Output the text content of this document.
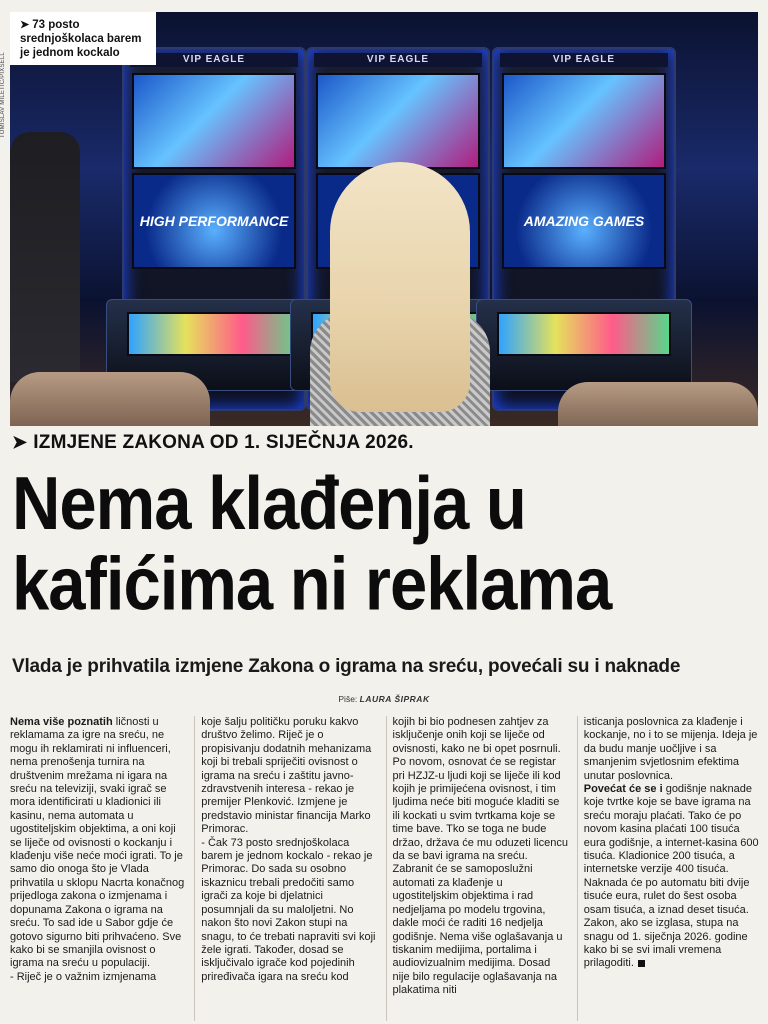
TOMISLAV MILETIĆ/PIXSELL	VIP EAGLE
HIGH PERFORMANCE
VIP EAGLE	VIP EAGLE
AMAZING GAMES
➤ 73 posto srednjoškolaca barem je jednom kockalo
➤ IZMJENE ZAKONA OD 1. SIJEČNJA 2026.
Nema klađenja u kafićima ni reklama
Vlada je prihvatila izmjene Zakona o igrama na sreću, povećali su i naknade
Piše: LAURA ŠIPRAK

Nema više poznatih ličnosti u reklamama za igre na sreću, ne mogu ih reklamirati ni influenceri, nema prenošenja turnira na društvenim mrežama ni igara na sreću na televiziji, svaki igrač se mora identificirati u kladionici ili kasinu, nema automata u ugostiteljskim objektima, a oni koji se liječe od ovisnosti o kockanju i klađenju više neće moći igrati. To je samo dio onoga što je Vlada prihvatila u sklopu Nacrta konačnog prijedloga zakona o izmjenama i dopunama Zakona o igrama na sreću. To sad ide u Sabor gdje će gotovo sigurno biti prihvaćeno. Sve kako bi se smanjila ovisnost o igrama na sreću u populaciji.

- Riječ je o važnim izmjenama

koje šalju političku poruku kakvo društvo želimo. Riječ je o propisivanju dodatnih mehanizama koji bi trebali spriječiti ovisnost o igrama na sreću i zaštitu javno-zdravstvenih interesa - rekao je premijer Plenković. Izmjene je predstavio ministar financija Marko Primorac.

- Čak 73 posto srednjoškolaca barem je jednom kockalo - rekao je Primorac. Do sada su osobno iskaznicu trebali predočiti samo igrači za koje bi djelatnici posumnjali da su maloljetni. No nakon što novi Zakon stupi na snagu, to će trebati napraviti svi koji žele igrati. Također, dosad se isključivalo igrače kod pojedinih priređivača igara na sreću kod

kojih bi bio podnesen zahtjev za isključenje onih koji se liječe od ovisnosti, kako ne bi opet posrnuli. Po novom, osnovat će se registar pri HZJZ-u ljudi koji se liječe ili kod kojih je primijećena ovisnost, i tim ljudima neće biti moguće kladiti se ili kockati u svim tvrtkama koje se time bave. Tko se toga ne bude držao, država će mu oduzeti licencu da se bavi igrama na sreću. Zabranit će se samoposlužni automati za klađenje u ugostiteljskim objektima i rad nedjeljama po modelu trgovina, dakle moći će raditi 16 nedjelja godišnje. Nema više oglašavanja u tiskanim medijima, portalima i audiovizualnim medijima. Dosad nije bilo regulacije oglašavanja na plakatima niti

isticanja poslovnica za klađenje i kockanje, no i to se mijenja. Ideja je da budu manje uočljive i sa smanjenim svjetlosnim efektima unutar poslovnica.

Povećat će se i godišnje naknade koje tvrtke koje se bave igrama na sreću moraju plaćati. Tako će po novom kasina plaćati 100 tisuća eura godišnje, a internet-kasina 600 tisuća. Kladionice 200 tisuća, a internetske verzije 400 tisuća. Naknada će po automatu biti dvije tisuće eura, rulet do šest osoba osam tisuća, a iznad deset tisuća. Zakon, ako se izglasa, stupa na snagu od 1. siječnja 2026. godine kako bi se svi imali vremena prilagoditi.
